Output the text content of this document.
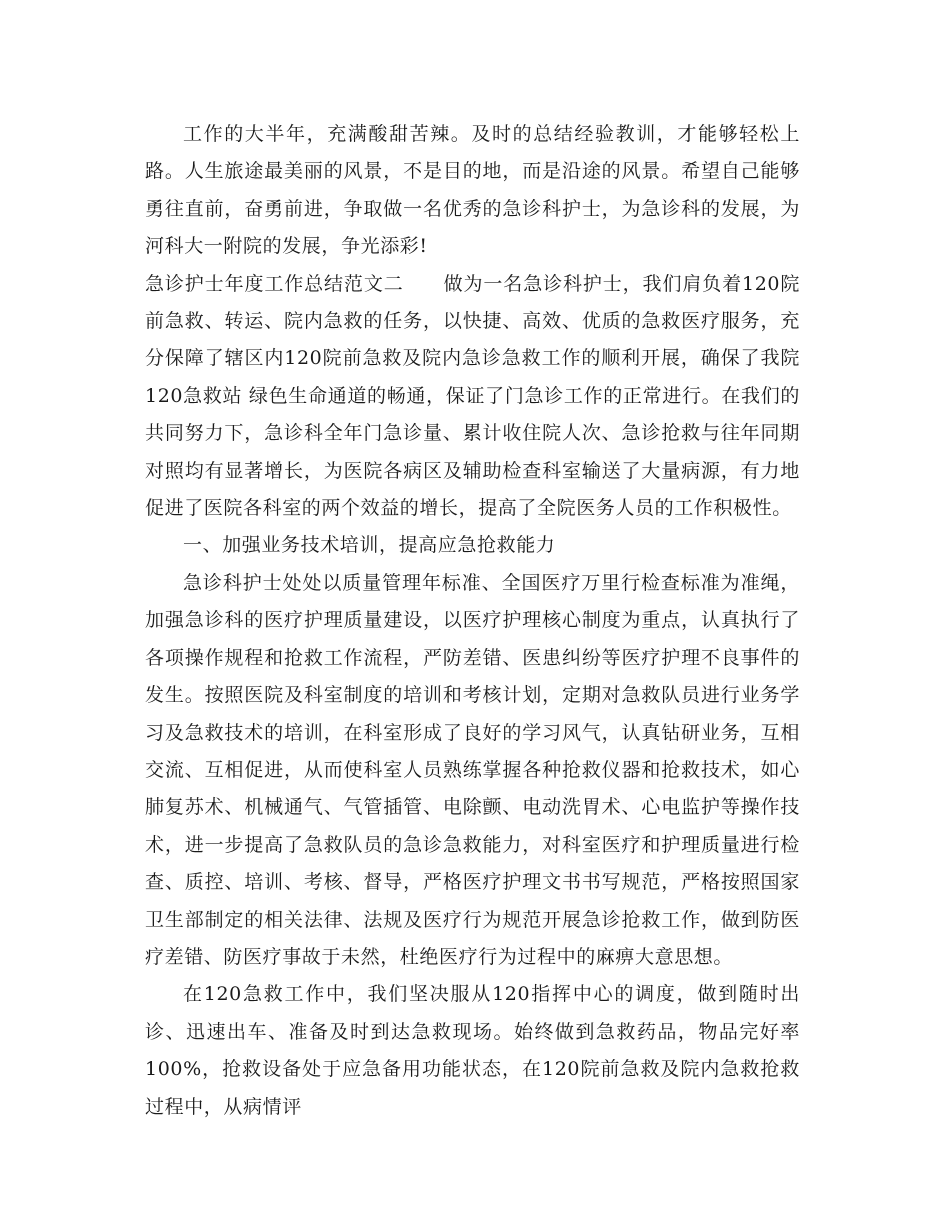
工作的大半年，充满酸甜苦辣。及时的总结经验教训，才能够轻松上路。人生旅途最美丽的风景，不是目的地，而是沿途的风景。希望自己能够勇往直前，奋勇前进，争取做一名优秀的急诊科护士，为急诊科的发展，为河科大一附院的发展，争光添彩!

急诊护士年度工作总结范文二 做为一名急诊科护士，我们肩负着120院前急救、转运、院内急救的任务，以快捷、高效、优质的急救医疗服务，充分保障了辖区内120院前急救及院内急诊急救工作的顺利开展，确保了我院120急救站 绿色生命通道的畅通，保证了门急诊工作的正常进行。在我们的共同努力下，急诊科全年门急诊量、累计收住院人次、急诊抢救与往年同期对照均有显著增长，为医院各病区及辅助检查科室输送了大量病源，有力地促进了医院各科室的两个效益的增长，提高了全院医务人员的工作积极性。

一、加强业务技术培训，提高应急抢救能力

急诊科护士处处以质量管理年标准、全国医疗万里行检查标准为准绳，加强急诊科的医疗护理质量建设，以医疗护理核心制度为重点，认真执行了各项操作规程和抢救工作流程，严防差错、医患纠纷等医疗护理不良事件的发生。按照医院及科室制度的培训和考核计划，定期对急救队员进行业务学习及急救技术的培训，在科室形成了良好的学习风气，认真钻研业务，互相交流、互相促进，从而使科室人员熟练掌握各种抢救仪器和抢救技术，如心肺复苏术、机械通气、气管插管、电除颤、电动洗胃术、心电监护等操作技术，进一步提高了急救队员的急诊急救能力，对科室医疗和护理质量进行检查、质控、培训、考核、督导，严格医疗护理文书书写规范，严格按照国家卫生部制定的相关法律、法规及医疗行为规范开展急诊抢救工作，做到防医疗差错、防医疗事故于未然，杜绝医疗行为过程中的麻痹大意思想。

在120急救工作中，我们坚决服从120指挥中心的调度，做到随时出诊、迅速出车、准备及时到达急救现场。始终做到急救药品，物品完好率 100%，抢救设备处于应急备用功能状态，在120院前急救及院内急救抢救过程中，从病情评
